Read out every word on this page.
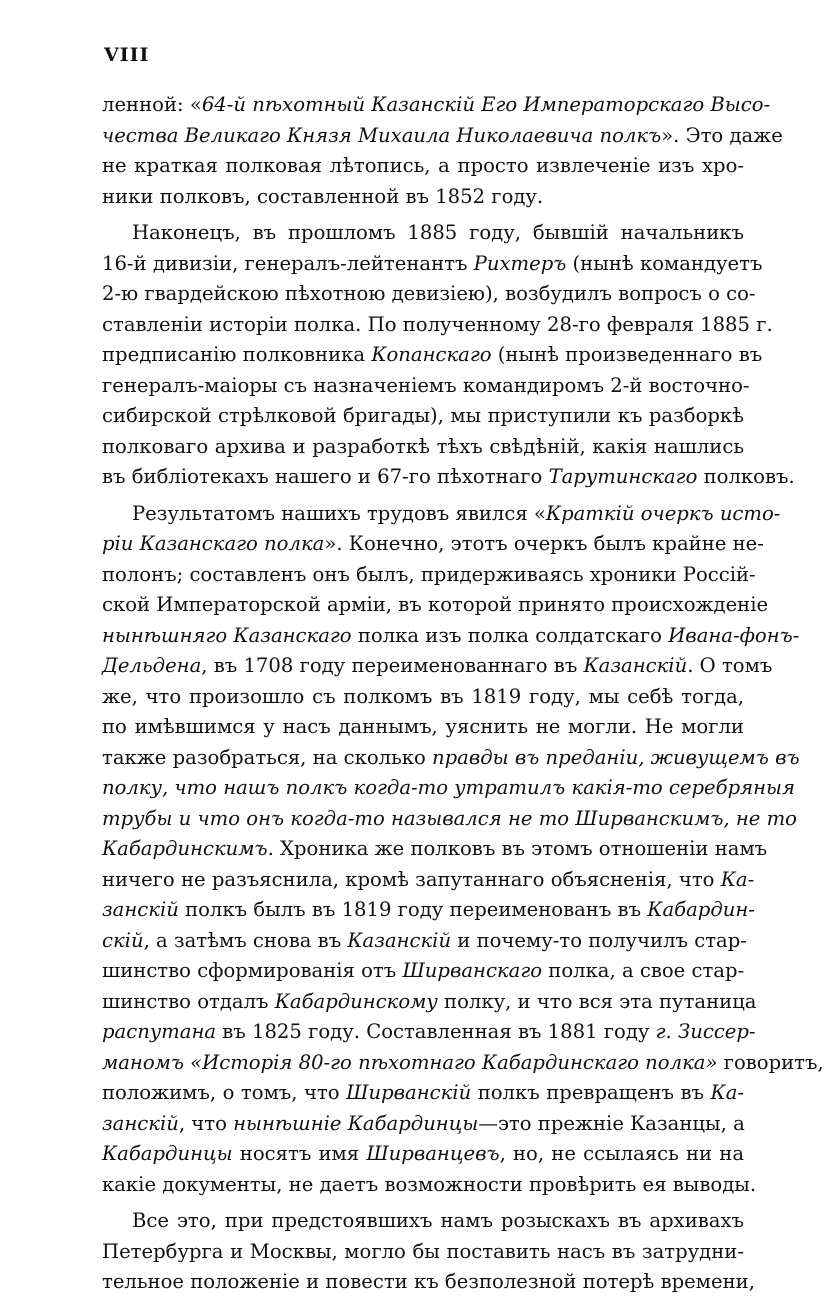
VIII
ленной: «64-й пѣхотный Казанскій Его Императорскаго Высо-
чества Великаго Князя Михаила Николаевича полкъ». Это даже
не краткая полковая лѣтопись, а просто извлеченіе изъ хро-
ники полковъ, составленной въ 1852 году.
Наконецъ, въ прошломъ 1885 году, бывшій начальникъ
16-й дивизіи, генералъ-лейтенантъ Рихтеръ (нынѣ командуетъ
2-ю гвардейскою пѣхотною девизіею), возбудилъ вопросъ о со-
ставленіи исторіи полка. По полученному 28-го февраля 1885 г.
предписанію полковника Копанскаго (нынѣ произведеннаго въ
генералъ-маіоры съ назначеніемъ командиромъ 2-й восточно-
сибирской стрѣлковой бригады), мы приступили къ разборкѣ
полковаго архива и разработкѣ тѣхъ свѣдѣній, какія нашлись
въ библіотекахъ нашего и 67-го пѣхотнаго Тарутинскаго полковъ.
Результатомъ нашихъ трудовъ явился «Краткій очеркъ исто-
ріи Казанскаго полка». Конечно, этотъ очеркъ былъ крайне не-
полонъ; составленъ онъ былъ, придерживаясь хроники Россій-
ской Императорской арміи, въ которой принято происхожденіе
нынѣшняго Казанскаго полка изъ полка солдатскаго Ивана-фонъ-
Дельдена, въ 1708 году переименованнаго въ Казанскій. О томъ
же, что произошло съ полкомъ въ 1819 году, мы себѣ тогда,
по имѣвшимся у насъ даннымъ, уяснить не могли. Не могли
также разобраться, на сколько правды въ преданіи, живущемъ въ
полку, что нашъ полкъ когда-то утратилъ какія-то серебряныя
трубы и что онъ когда-то назывался не то Ширванскимъ, не то
Кабардинскимъ. Хроника же полковъ въ этомъ отношеніи намъ
ничего не разъяснила, кромѣ запутаннаго объясненія, что Ка-
занскій полкъ былъ въ 1819 году переименованъ въ Кабардин-
скій, а затѣмъ снова въ Казанскій и почему-то получилъ стар-
шинство сформированія отъ Ширванскаго полка, а свое стар-
шинство отдалъ Кабардинскому полку, и что вся эта путаница
распутана въ 1825 году. Составленная въ 1881 году г. Зиссер-
маномъ «Исторія 80-го пѣхотнаго Кабардинскаго полка» говоритъ,
положимъ, о томъ, что Ширванскій полкъ превращенъ въ Ка-
занскій, что нынѣшніе Кабардинцы—это прежніе Казанцы, а
Кабардинцы носятъ имя Ширванцевъ, но, не ссылаясь ни на
какіе документы, не даетъ возможности провѣрить ея выводы.
Все это, при предстоявшихъ намъ розыскахъ въ архивахъ
Петербурга и Москвы, могло бы поставить насъ въ затрудни-
тельное положеніе и повести къ безполезной потерѣ времени,
